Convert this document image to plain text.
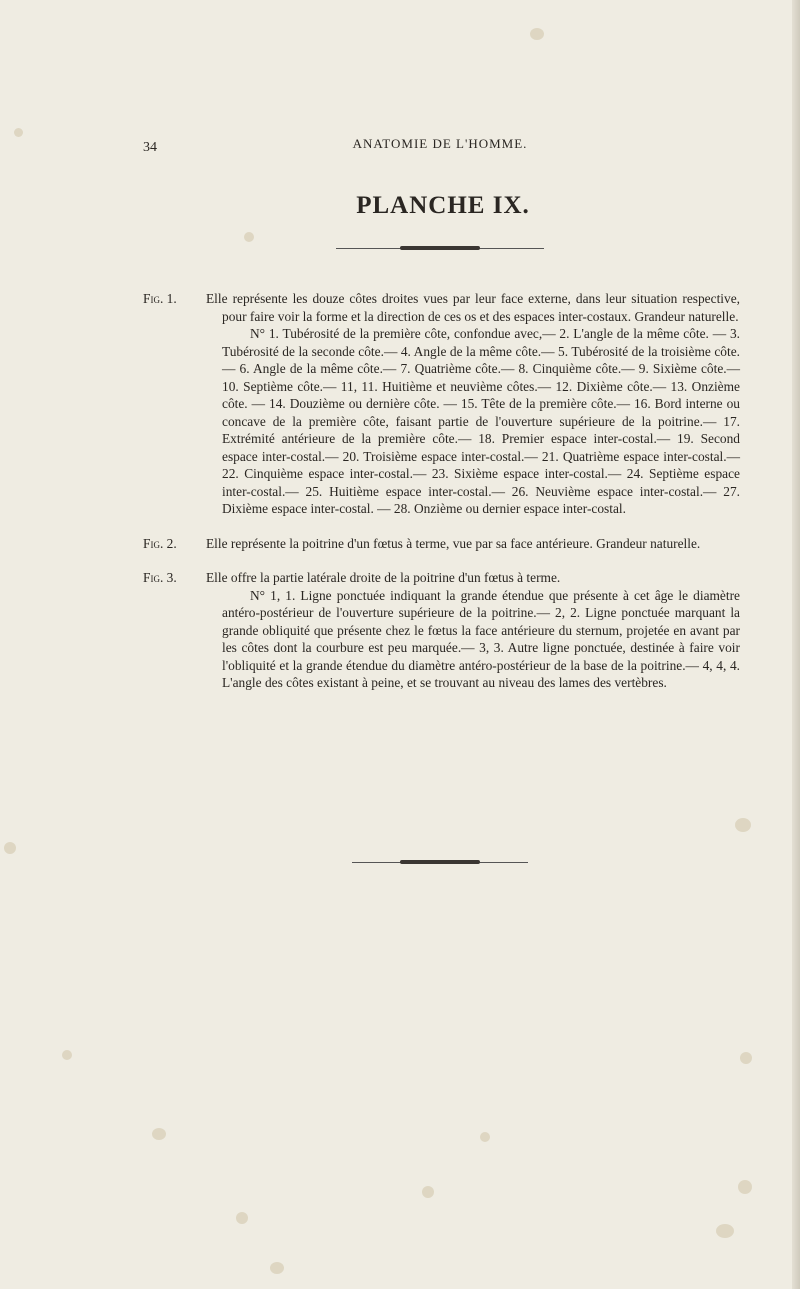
34	ANATOMIE DE L'HOMME.
PLANCHE IX.
Fig. 1.	Elle représente les douze côtes droites vues par leur face externe, dans leur situation respective, pour faire voir la forme et la direction de ces os et des espaces inter-costaux. Grandeur naturelle.
N° 1. Tubérosité de la première côte, confondue avec,— 2. L'angle de la même côte. — 3. Tubérosité de la seconde côte.— 4. Angle de la même côte.— 5. Tubérosité de la troisième côte.— 6. Angle de la même côte.— 7. Quatrième côte.— 8. Cinquième côte.— 9. Sixième côte.— 10. Septième côte.— 11, 11. Huitième et neuvième côtes.— 12. Dixième côte.— 13. Onzième côte. — 14. Douzième ou dernière côte. — 15. Tête de la première côte.— 16. Bord interne ou concave de la première côte, faisant partie de l'ouverture supérieure de la poitrine.— 17. Extrémité antérieure de la première côte.— 18. Premier espace inter-costal.— 19. Second espace inter-costal.— 20. Troisième espace inter-costal.— 21. Quatrième espace inter-costal.— 22. Cinquième espace inter-costal.— 23. Sixième espace inter-costal.— 24. Septième espace inter-costal.— 25. Huitième espace inter-costal.— 26. Neuvième espace inter-costal.— 27. Dixième espace inter-costal. — 28. Onzième ou dernier espace inter-costal.
Fig. 2.	Elle représente la poitrine d'un fœtus à terme, vue par sa face antérieure. Grandeur naturelle.
Fig. 3.	Elle offre la partie latérale droite de la poitrine d'un fœtus à terme.
N° 1, 1. Ligne ponctuée indiquant la grande étendue que présente à cet âge le diamètre antéro-postérieur de l'ouverture supérieure de la poitrine.— 2, 2. Ligne ponctuée marquant la grande obliquité que présente chez le fœtus la face antérieure du sternum, projetée en avant par les côtes dont la courbure est peu marquée.— 3, 3. Autre ligne ponctuée, destinée à faire voir l'obliquité et la grande étendue du diamètre antéro-postérieur de la base de la poitrine.— 4, 4, 4. L'angle des côtes existant à peine, et se trouvant au niveau des lames des vertèbres.
